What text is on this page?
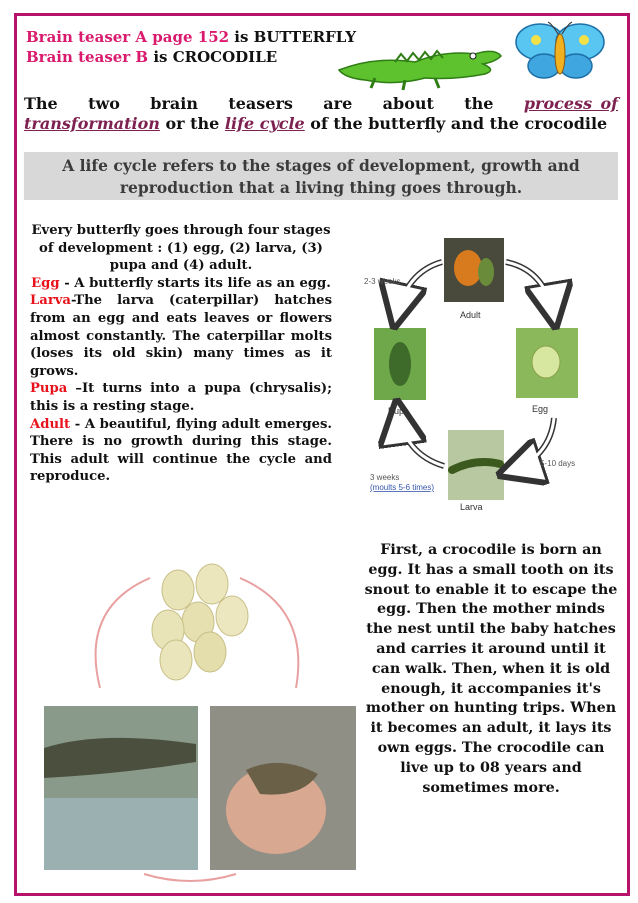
Brain teaser A page 152 is BUTTERFLY
Brain teaser B is CROCODILE
The two brain teasers are about the process of transformation or the life cycle of the butterfly and the crocodile
A life cycle refers to the stages of development, growth and reproduction that a living thing goes through.
Every butterfly goes through four stages of development : (1) egg, (2) larva, (3) pupa and (4) adult.
Egg - A butterfly starts its life as an egg.
Larva-The larva (caterpillar) hatches from an egg and eats leaves or flowers almost constantly. The caterpillar molts (loses its old skin) many times as it grows.
Pupa –It turns into a pupa (chrysalis); this is a resting stage.
Adult - A beautiful, flying adult emerges. There is no growth during this stage. This adult will continue the cycle and reproduce.
Adult
Pupa	Egg
Larva
2-3 weeks
5-10 days
3 weeks
(moults 5-6 times)
First, a crocodile is born an egg. It has a small tooth on its snout to enable it to escape the egg. Then the mother minds the nest until the baby hatches and carries it around until it can walk. Then, when it is old enough, it accompanies it's mother on hunting trips. When it becomes an adult, it lays its own eggs. The crocodile can live up to 08 years and sometimes more.
